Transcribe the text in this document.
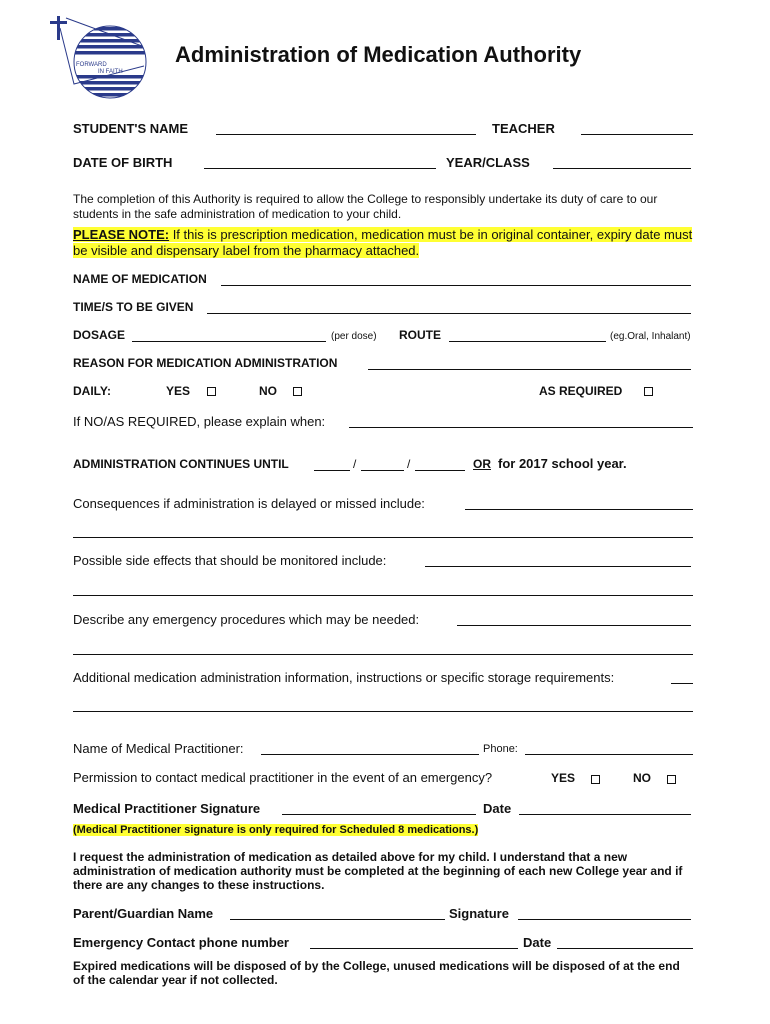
FORWARD
IN FAITH
Administration of Medication Authority
STUDENT'S NAME	TEACHER
DATE OF BIRTH	YEAR/CLASS
The completion of this Authority is required to allow the College to responsibly undertake its duty of care to our students in the safe administration of medication to your child.
PLEASE NOTE: If this is prescription medication, medication must be in original container, expiry date must be visible and dispensary label from the pharmacy attached.
NAME OF MEDICATION
TIME/S TO BE GIVEN
DOSAGE	(per dose) ROUTE	(eg.Oral, Inhalant)
REASON FOR MEDICATION ADMINISTRATION
DAILY:	YES	NO	AS REQUIRED
If NO/AS REQUIRED, please explain when:
ADMINISTRATION CONTINUES UNTIL	/	/	OR for 2017 school year.
Consequences if administration is delayed or missed include:
Possible side effects that should be monitored include:
Describe any emergency procedures which may be needed:
Additional medication administration information, instructions or specific storage requirements:
Name of Medical Practitioner:	Phone:
Permission to contact medical practitioner in the event of an emergency?	YES	NO
Medical Practitioner Signature	Date
(Medical Practitioner signature is only required for Scheduled 8 medications.)
I request the administration of medication as detailed above for my child. I understand that a new administration of medication authority must be completed at the beginning of each new College year and if there are any changes to these instructions.
Parent/Guardian Name	Signature
Emergency Contact phone number	Date
Expired medications will be disposed of by the College, unused medications will be disposed of at the end of the calendar year if not collected.
